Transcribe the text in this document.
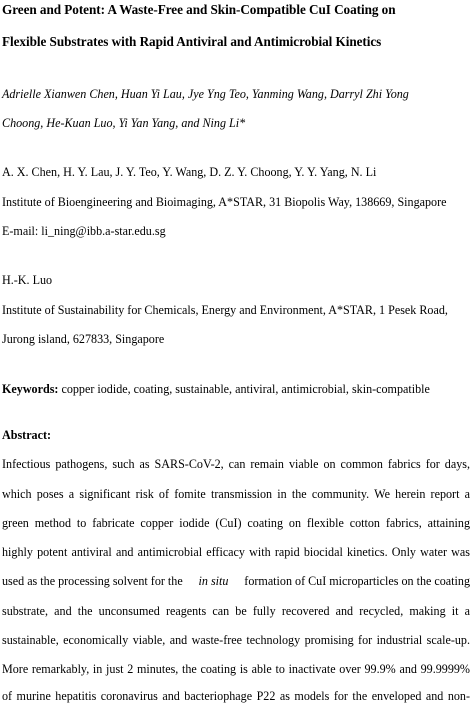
Green and Potent: A Waste-Free and Skin-Compatible CuI Coating on
Flexible Substrates with Rapid Antiviral and Antimicrobial Kinetics
Adrielle Xianwen Chen, Huan Yi Lau, Jye Yng Teo, Yanming Wang, Darryl Zhi Yong
Choong, He-Kuan Luo, Yi Yan Yang, and Ning Li*
A. X. Chen, H. Y. Lau, J. Y. Teo, Y. Wang, D. Z. Y. Choong, Y. Y. Yang, N. Li
Institute of Bioengineering and Bioimaging, A*STAR, 31 Biopolis Way, 138669, Singapore
E-mail: li_ning@ibb.a-star.edu.sg
H.-K. Luo
Institute of Sustainability for Chemicals, Energy and Environment, A*STAR, 1 Pesek Road,
Jurong island, 627833, Singapore
Keywords: copper iodide, coating, sustainable, antiviral, antimicrobial, skin-compatible
Abstract:
Infectious pathogens, such as SARS-CoV-2, can remain viable on common fabrics for days,
which poses a significant risk of fomite transmission in the community. We herein report a
green method to fabricate copper iodide (CuI) coating on flexible cotton fabrics, attaining
highly potent antiviral and antimicrobial efficacy with rapid biocidal kinetics. Only water was
used as the processing solvent for the in situ formation of CuI microparticles on the coating
substrate, and the unconsumed reagents can be fully recovered and recycled, making it a
sustainable, economically viable, and waste-free technology promising for industrial scale-up.
More remarkably, in just 2 minutes, the coating is able to inactivate over 99.9% and 99.9999%
of murine hepatitis coronavirus and bacteriophage P22 as models for the enveloped and non-
